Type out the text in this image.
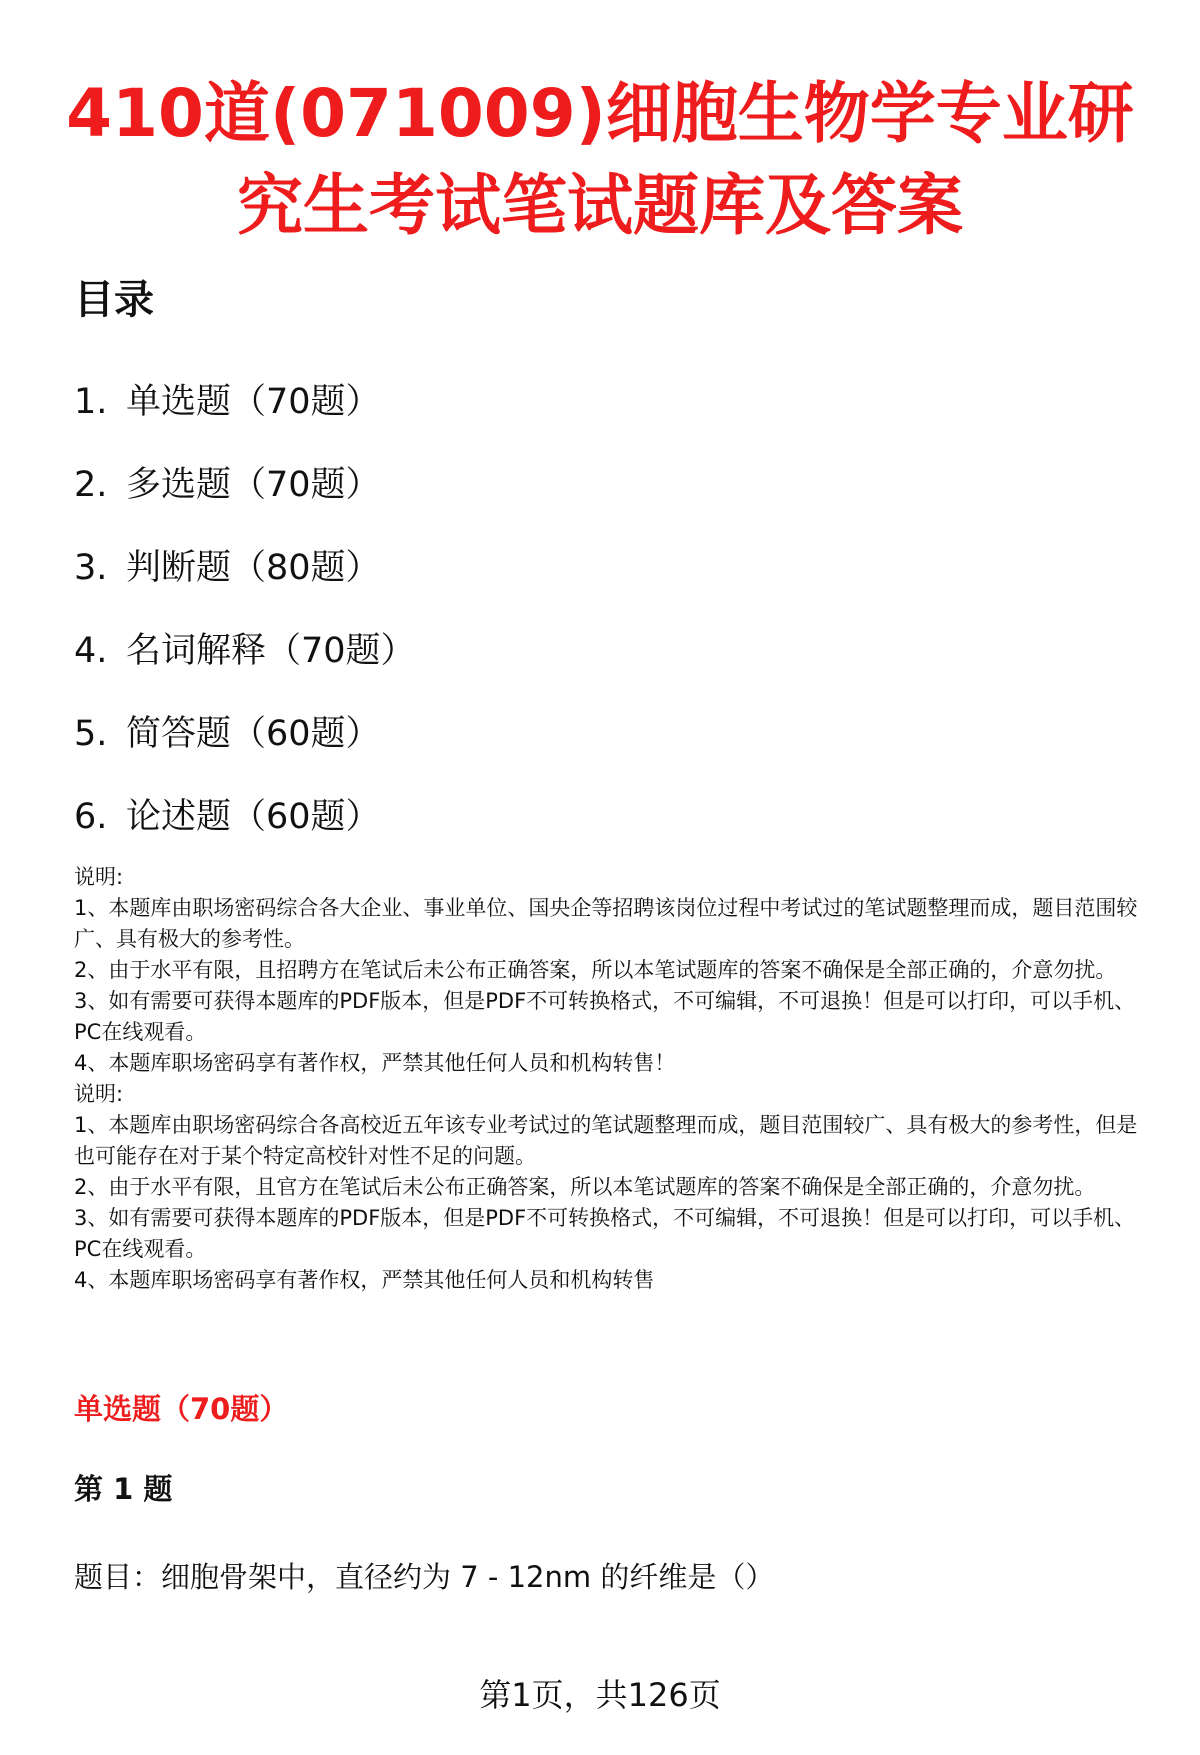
410道(071009)细胞生物学专业研
究生考试笔试题库及答案
目录
1. 单选题（70题）
2. 多选题（70题）
3. 判断题（80题）
4. 名词解释（70题）
5. 简答题（60题）
6. 论述题（60题）

说明:

1、本题库由职场密码综合各大企业、事业单位、国央企等招聘该岗位过程中考试过的笔试题整理而成，题目范围较广、具有极大的参考性。

2、由于水平有限，且招聘方在笔试后未公布正确答案，所以本笔试题库的答案不确保是全部正确的，介意勿扰。

3、如有需要可获得本题库的PDF版本，但是PDF不可转换格式，不可编辑，不可退换！但是可以打印，可以手机、PC在线观看。

4、本题库职场密码享有著作权，严禁其他任何人员和机构转售！

说明:

1、本题库由职场密码综合各高校近五年该专业考试过的笔试题整理而成，题目范围较广、具有极大的参考性，但是也可能存在对于某个特定高校针对性不足的问题。

2、由于水平有限，且官方在笔试后未公布正确答案，所以本笔试题库的答案不确保是全部正确的，介意勿扰。

3、如有需要可获得本题库的PDF版本，但是PDF不可转换格式，不可编辑，不可退换！但是可以打印，可以手机、PC在线观看。

4、本题库职场密码享有著作权，严禁其他任何人员和机构转售

单选题（70题）
第 1 题
题目：细胞骨架中，直径约为 7 - 12nm 的纤维是（）
第1页，共126页
